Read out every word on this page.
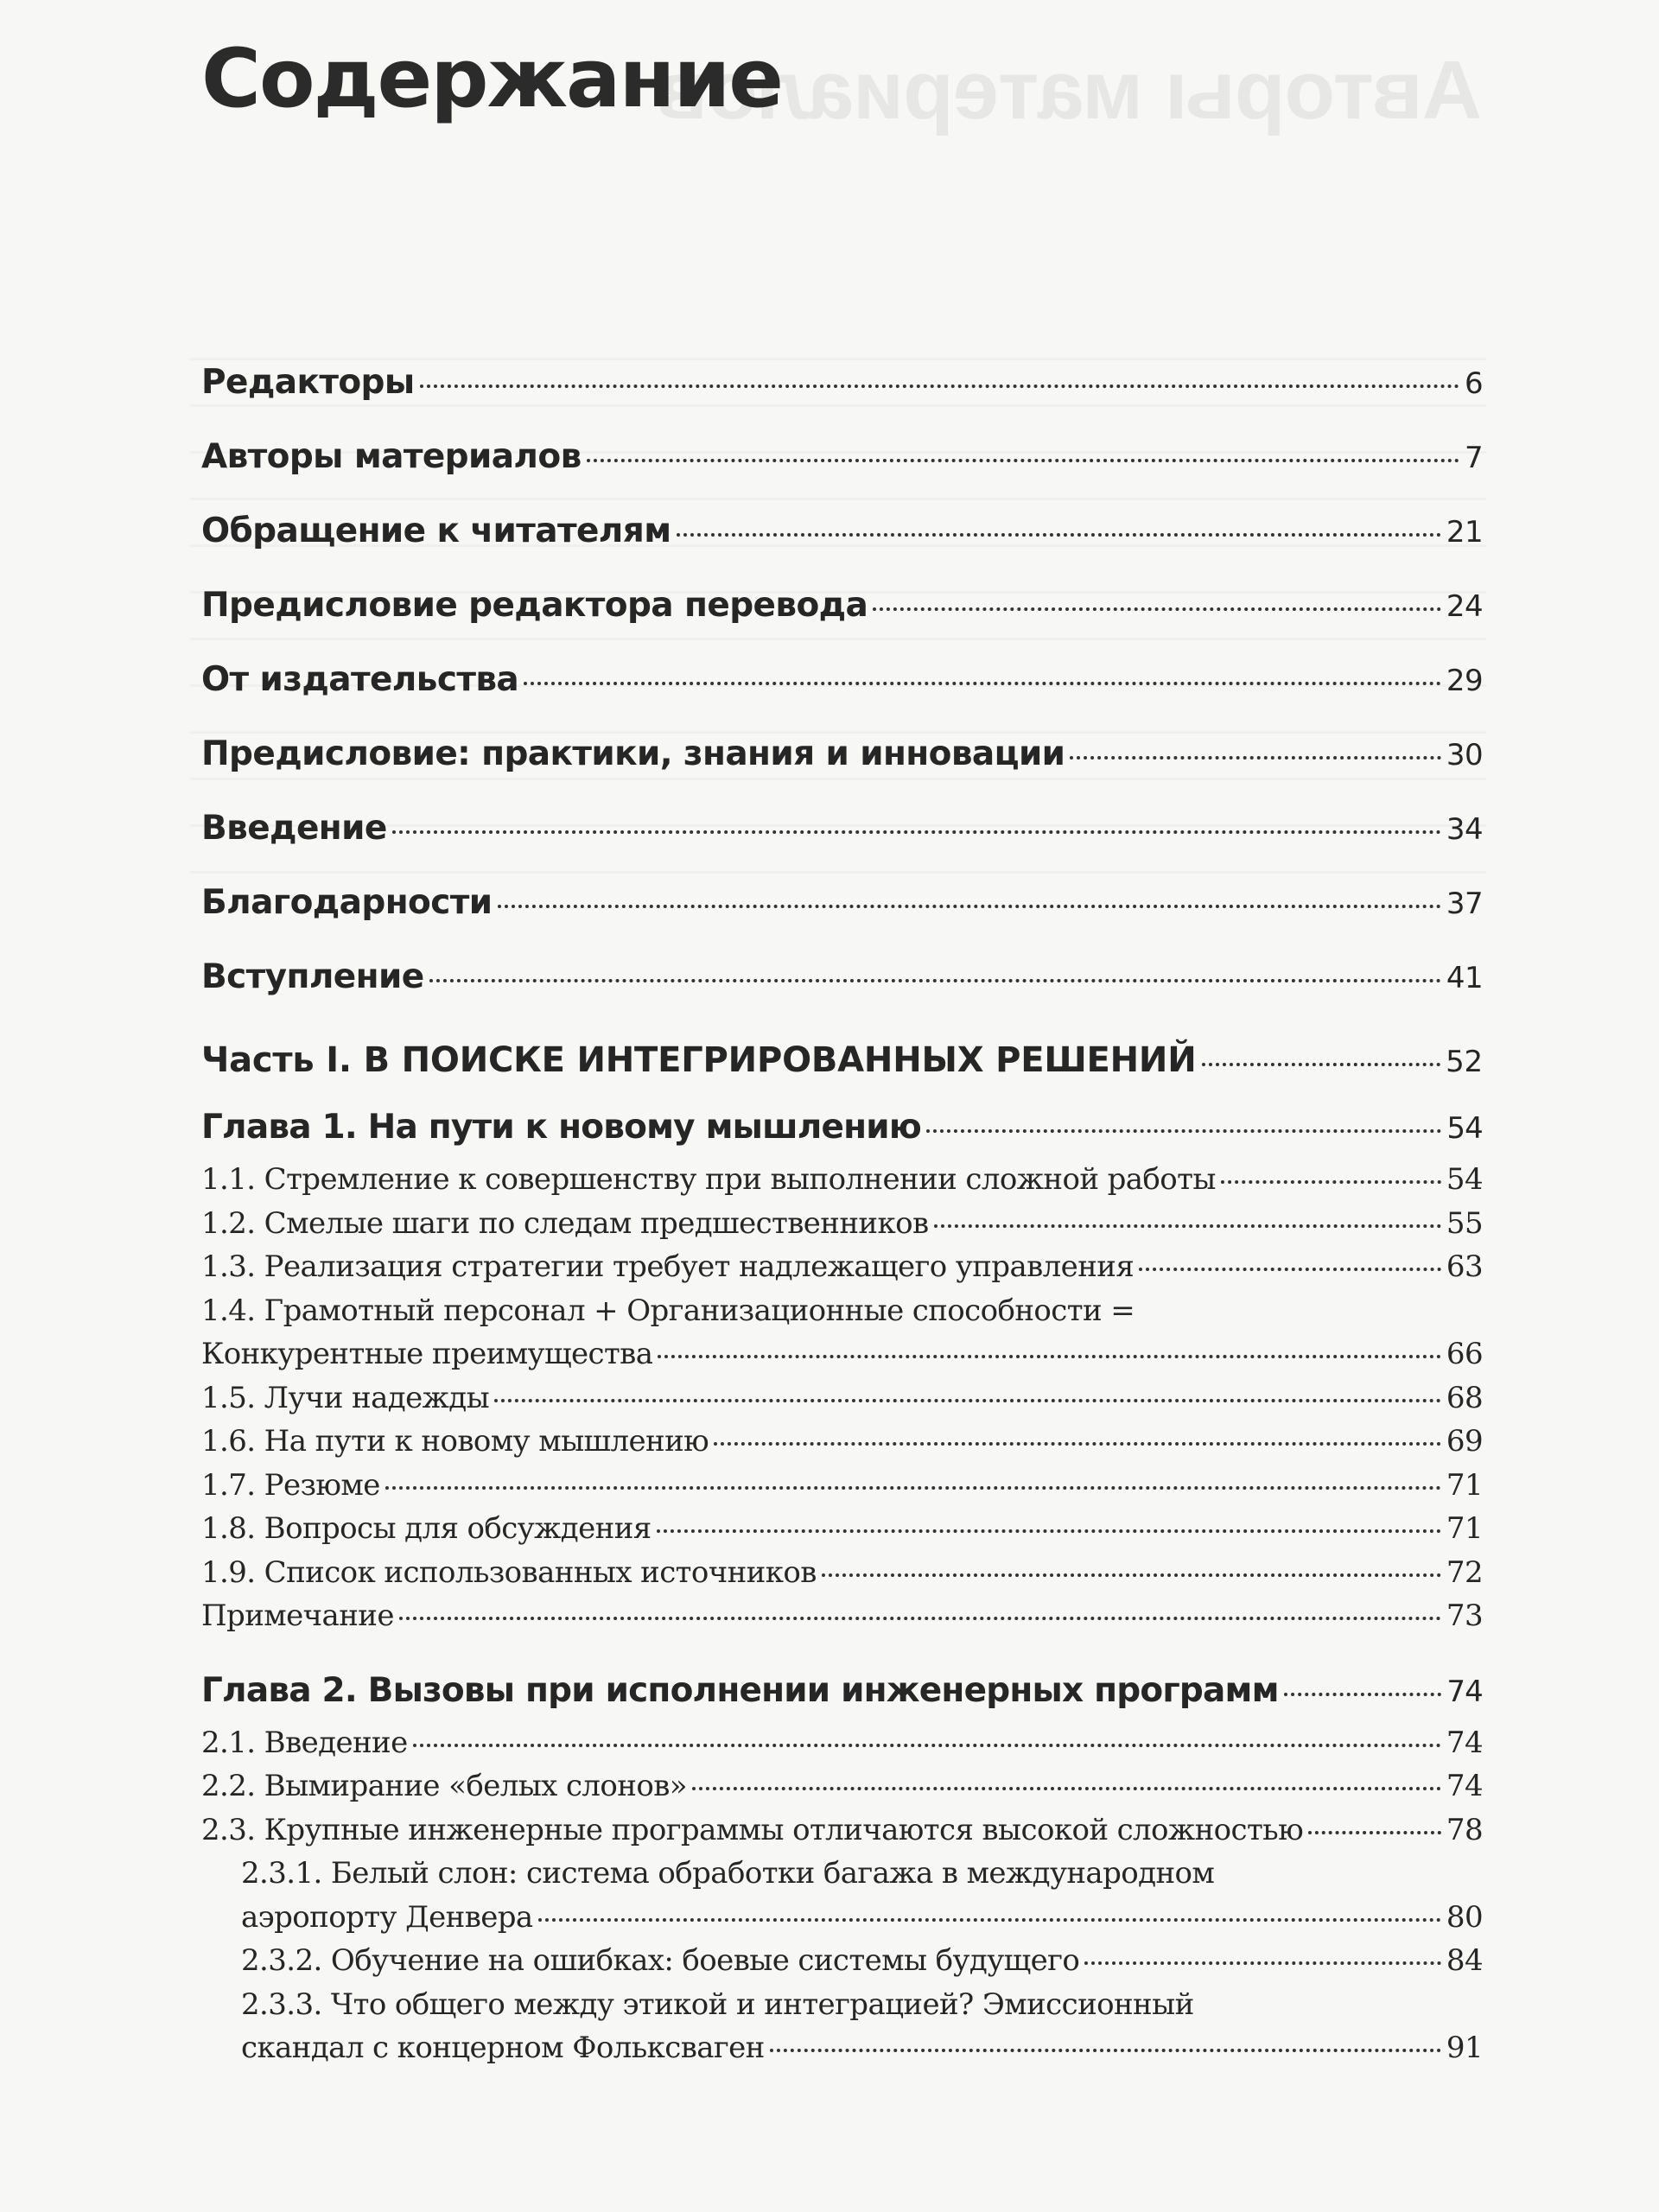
Авторы материалов
Содержание
Редакторы	6
Авторы материалов	7
Обращение к читателям	21
Предисловие редактора перевода	24
От издательства	29
Предисловие: практики, знания и инновации	30
Введение	34
Благодарности	37
Вступление	41
Часть I. В ПОИСКЕ ИНТЕГРИРОВАННЫХ РЕШЕНИЙ	52
Глава 1. На пути к новому мышлению	54
1.1. Стремление к совершенству при выполнении сложной работы	54
1.2. Смелые шаги по следам предшественников	55
1.3. Реализация стратегии требует надлежащего управления	63
1.4. Грамотный персонал + Организационные способности =
Конкурентные преимущества	66
1.5. Лучи надежды	68
1.6. На пути к новому мышлению	69
1.7. Резюме	71
1.8. Вопросы для обсуждения	71
1.9. Список использованных источников	72
Примечание	73
Глава 2. Вызовы при исполнении инженерных программ	74
2.1. Введение	74
2.2. Вымирание «белых слонов»	74
2.3. Крупные инженерные программы отличаются высокой сложностью	78
2.3.1. Белый слон: система обработки багажа в международном
аэропорту Денвера	80
2.3.2. Обучение на ошибках: боевые системы будущего	84
2.3.3. Что общего между этикой и интеграцией? Эмиссионный
скандал с концерном Фольксваген	91
